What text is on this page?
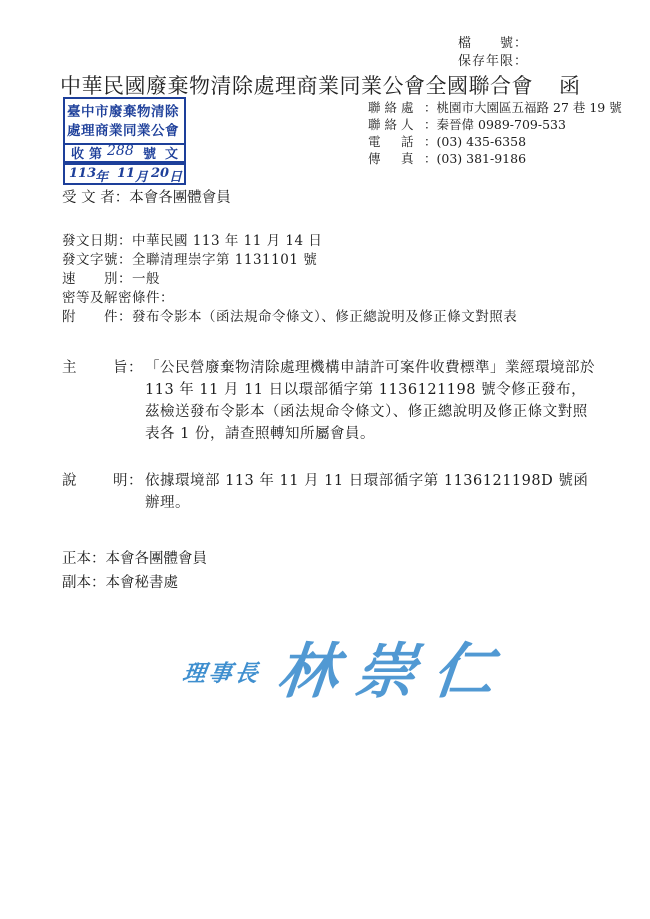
檔　　號：
保存年限：
中華民國廢棄物清除處理商業同業公會全國聯合會 函
聯絡處 ：桃園市大園區五福路 27 巷 19 號
聯絡人 ：秦晉偉 0989-709-533
電　話 ：(03) 435-6358
傳　真 ：(03) 381-9186
臺中市廢棄物清除
處理商業同業公會
收 第 288 號 文
113
年 11 月 20 日
受 文 者：本會各團體會員
發文日期：中華民國 113 年 11 月 14 日
發文字號：全聯清理崇字第 1131101 號
速　　別：一般
密等及解密條件：
附　　件：發布令影本（函法規命令條文）、修正總說明及修正條文對照表
主 旨： 「公民營廢棄物清除處理機構申請許可案件收費標準」業經環境部於 113 年 11 月 11 日以環部循字第 1136121198 號令修正發布，茲檢送發布令影本（函法規命令條文）、修正總說明及修正條文對照表各 1 份，請查照轉知所屬會員。
說 明： 依據環境部 113 年 11 月 11 日環部循字第 1136121198D 號函辦理。
正本：本會各團體會員
副本：本會秘書處
理事長 林崇仁
